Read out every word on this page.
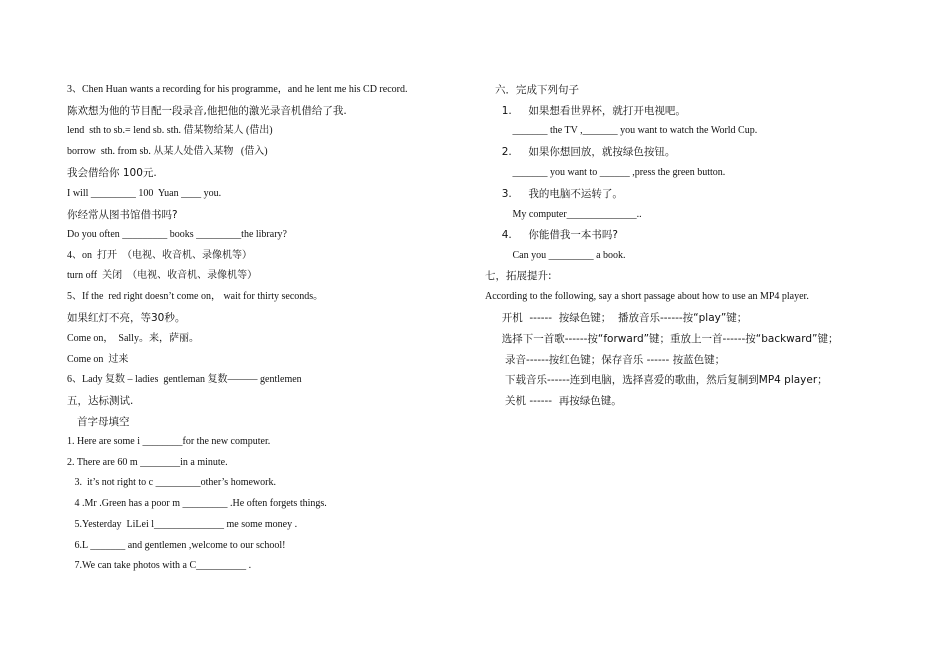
3、Chen Huan wants a recording for his programme，and he lent me his CD record.
陈欢想为他的节目配一段录音,他把他的激光录音机借给了我.
lend  sth to sb.= lend sb. sth. 借某物给某人 (借出)
borrow  sth. from sb. 从某人处借入某物   (借入)
我会借给你 100元.
I will _________ 100  Yuan ____ you.
你经常从图书馆借书吗?
Do you often _________ books _________the library?
4、on  打开  （电视、收音机、录像机等）
turn off  关闭  （电视、收音机、录像机等）
5、If the  red right doesn’t come on， wait for thirty seconds。
如果红灯不亮，等30秒。
Come on，  Sally。来，萨丽。
Come on  过来
6、Lady 复数 – ladies  gentleman 复数——— gentlemen
五，达标测试.
首字母填空
1. Here are some i ________for the new computer.
2. There are 60 m ________in a minute.
3.  it’s not right to c _________other’s homework.
4 .Mr .Green has a poor m _________ .He often forgets things.
5.Yesterday  LiLei l______________ me some money .
6.L _______ and gentlemen ,welcome to our school!
7.We can take photos with a C__________ .
六．完成下列句子
1.     如果想看世界杯，就打开电视吧。
_______ the TV ,_______ you want to watch the World Cup.
2.     如果你想回放，就按绿色按钮。
_______ you want to ______ ,press the green button.
3.     我的电脑不运转了。
My computer______________..
4.     你能借我一本书吗?
Can you _________ a book.
七，拓展提升:
According to the following, say a short passage about how to use an MP4 player.
开机  ------  按绿色键；  播放音乐------按“play”键；
选择下一首歌------按“forward”键；重放上一首------按“backward”键；
录音------按红色键；保存音乐 ------ 按蓝色键；
下载音乐------连到电脑，选择喜爱的歌曲，然后复制到MP4 player；
关机 ------  再按绿色键。
